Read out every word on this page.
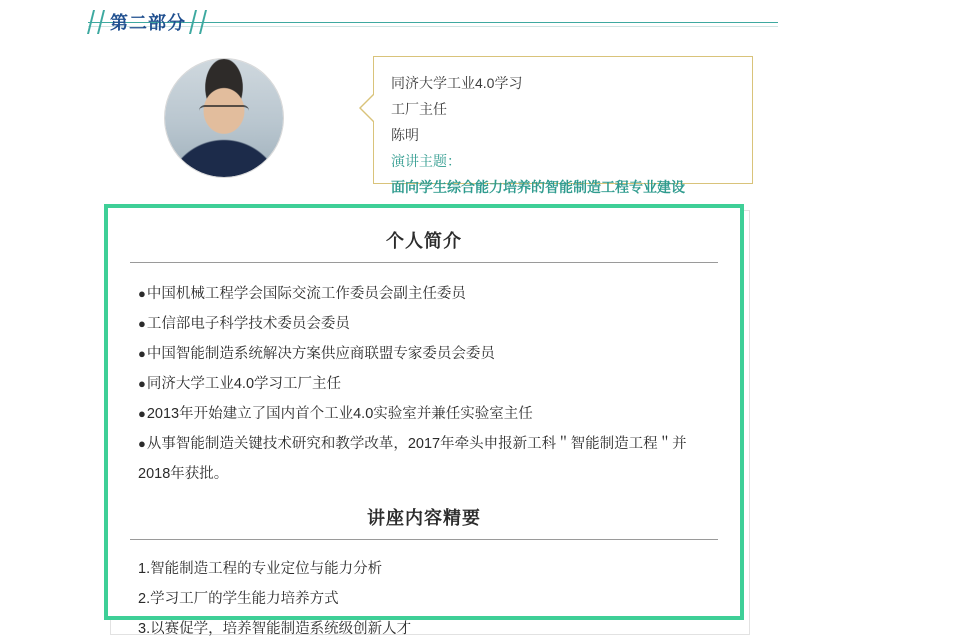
第二部分
同济大学工业4.0学习
工厂主任
陈明
演讲主题：
面向学生综合能力培养的智能制造工程专业建设
个人简介
●中国机械工程学会国际交流工作委员会副主任委员
●工信部电子科学技术委员会委员
●中国智能制造系统解决方案供应商联盟专家委员会委员
●同济大学工业4.0学习工厂主任
●2013年开始建立了国内首个工业4.0实验室并兼任实验室主任
●从事智能制造关键技术研究和教学改革，2017年牵头申报新工科＂智能制造工程＂并2018年获批。
讲座内容精要
1.智能制造工程的专业定位与能力分析
2.学习工厂的学生能力培养方式
3.以赛促学，培养智能制造系统级创新人才
